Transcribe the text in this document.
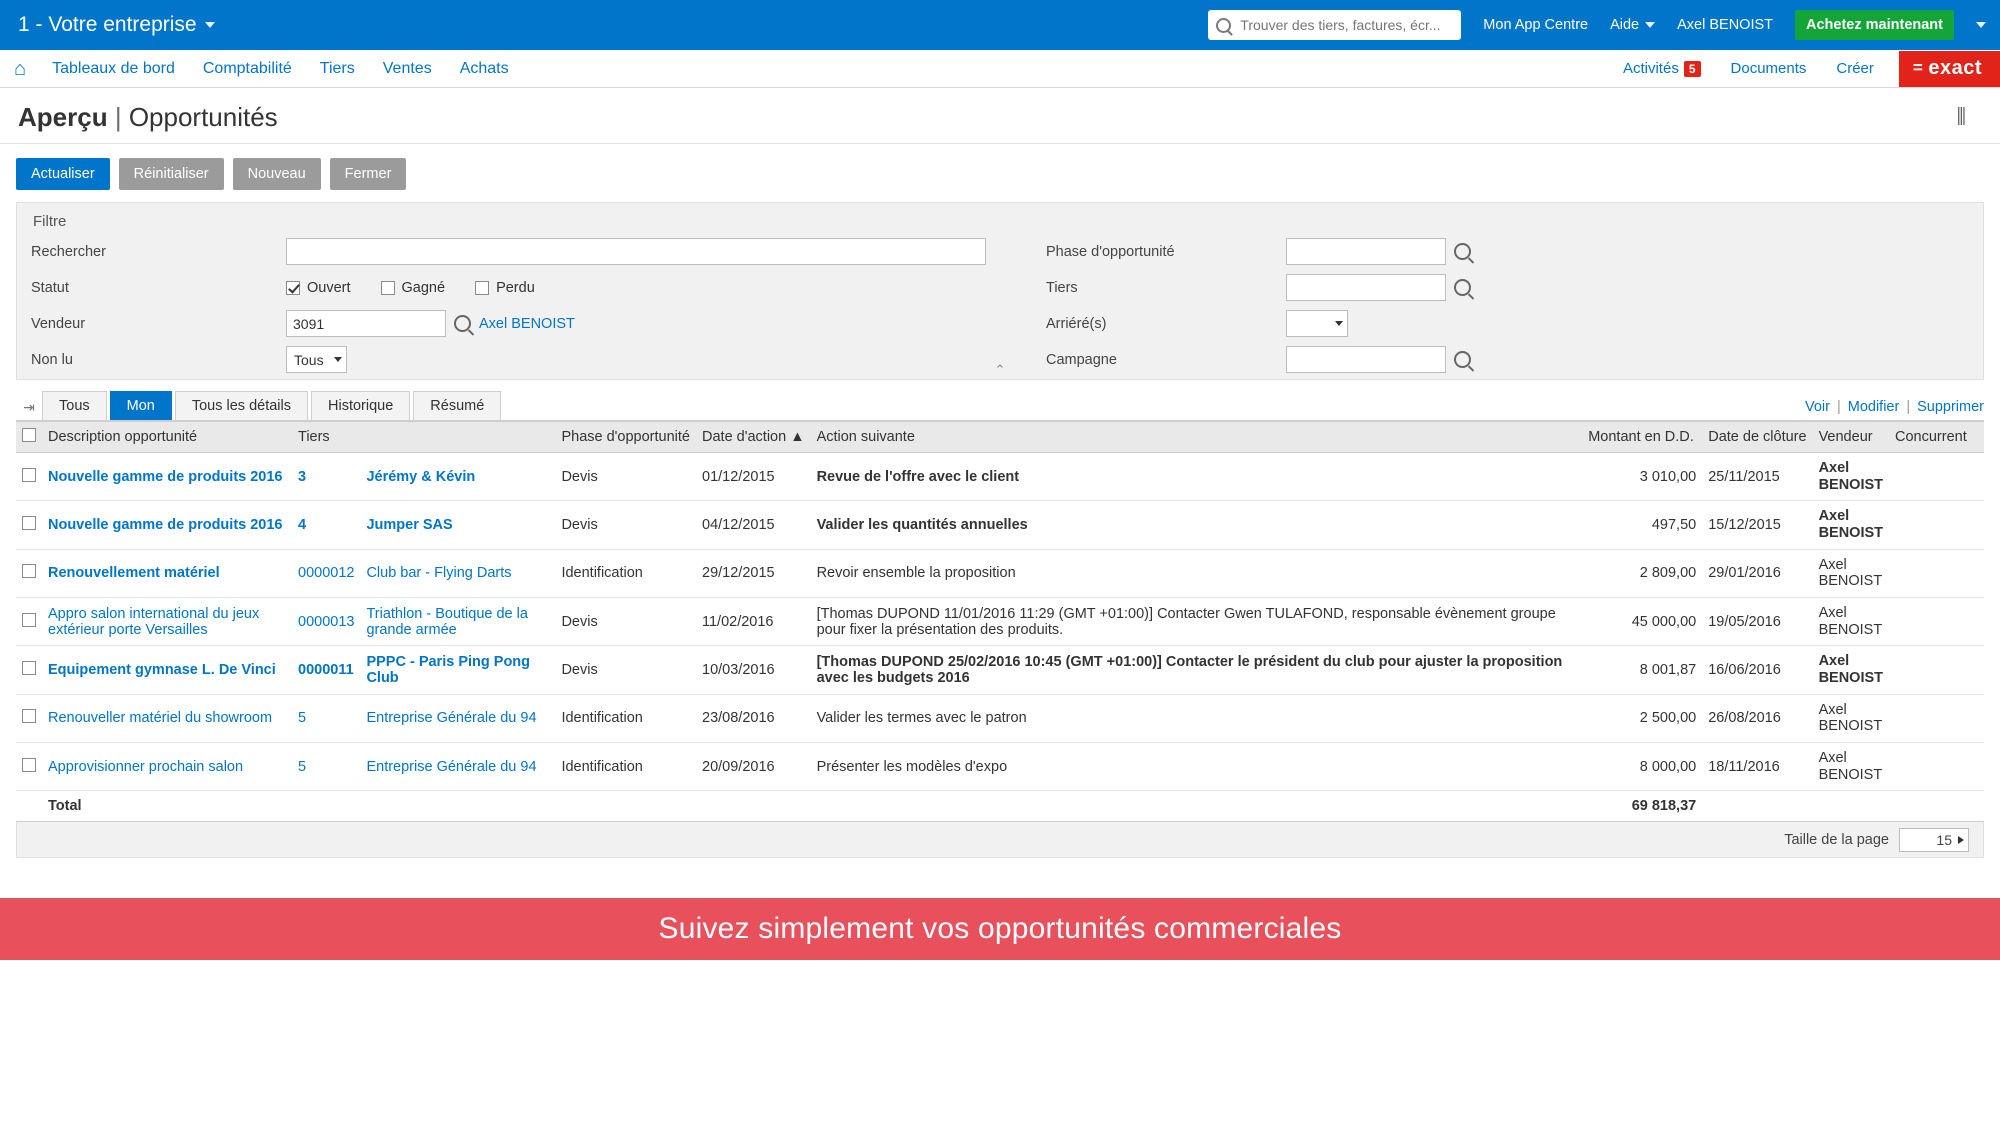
1 - Votre entreprise
Trouver des tiers, factures, écr...	Mon App Centre Aide	Axel BENOIST	Achetez maintenant
⌂	Tableaux de bord	Comptabilité	Tiers	Ventes	Achats	Activités 5	Documents	Créer	= exact
Aperçu | Opportunités	⫼
Actualiser	Réinitialiser	Nouveau	Fermer
Filtre
Rechercher	Phase d'opportunité
Statut	Ouvert	Gagné	Perdu	Tiers
Vendeur
3091	Axel BENOIST	Arriéré(s)
Non lu	Tous	Campagne
⌃
⇥	Tous	Mon	Tous les détails	Historique	Résumé	Voir | Modifier | Supprimer
	Description opportunité	Tiers		Phase d'opportunité	Date d'action ▲	Action suivante	Montant en D.D.	Date de clôture	Vendeur	Concurrent
	Nouvelle gamme de produits 2016	3	Jérémy & Kévin	Devis	01/12/2015	Revue de l'offre avec le client	3 010,00	25/11/2015	Axel BENOIST	
	Nouvelle gamme de produits 2016	4	Jumper SAS	Devis	04/12/2015	Valider les quantités annuelles	497,50	15/12/2015	Axel BENOIST	
	Renouvellement matériel	0000012	Club bar - Flying Darts	Identification	29/12/2015	Revoir ensemble la proposition	2 809,00	29/01/2016	Axel BENOIST	
	Appro salon international du jeux extérieur porte Versailles	0000013	Triathlon - Boutique de la grande armée	Devis	11/02/2016	[Thomas DUPOND 11/01/2016 11:29 (GMT +01:00)] Contacter Gwen TULAFOND, responsable évènement groupe pour fixer la présentation des produits.	45 000,00	19/05/2016	Axel BENOIST	
	Equipement gymnase L. De Vinci	0000011	PPPC - Paris Ping Pong Club	Devis	10/03/2016	[Thomas DUPOND 25/02/2016 10:45 (GMT +01:00)] Contacter le président du club pour ajuster la proposition avec les budgets 2016	8 001,87	16/06/2016	Axel BENOIST	
	Renouveller matériel du showroom	5	Entreprise Générale du 94	Identification	23/08/2016	Valider les termes avec le patron	2 500,00	26/08/2016	Axel BENOIST	
	Approvisionner prochain salon	5	Entreprise Générale du 94	Identification	20/09/2016	Présenter les modèles d'expo	8 000,00	18/11/2016	Axel BENOIST	
	Total						69 818,37			
Taille de la page	15
Suivez simplement vos opportunités commerciales
